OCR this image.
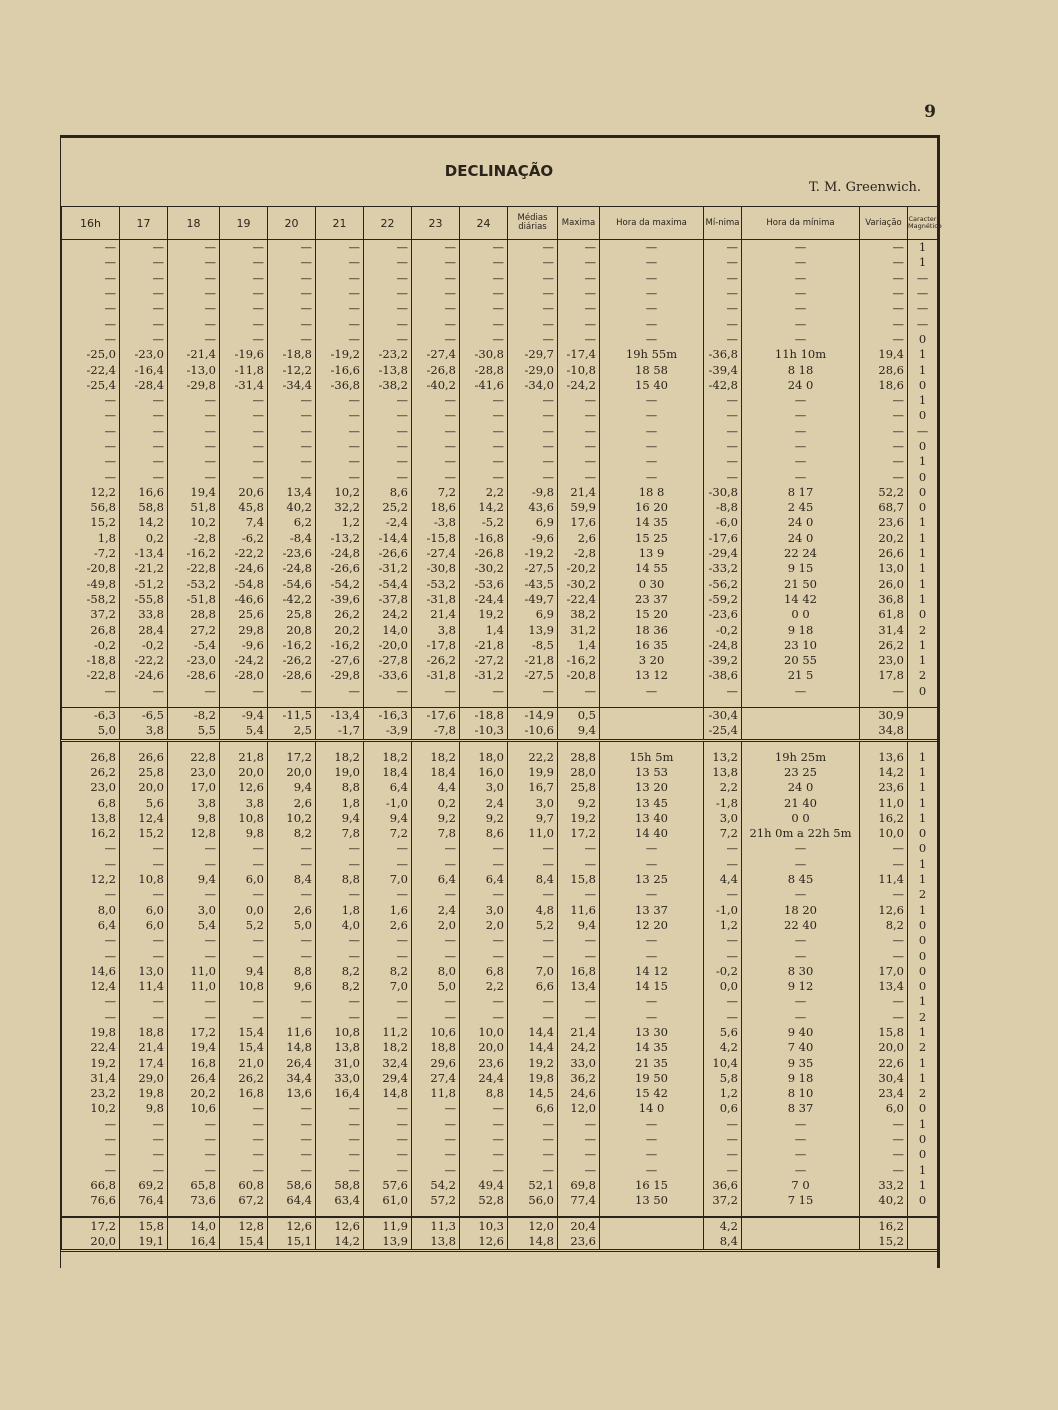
9
DECLINAÇÃO
T. M. Greenwich.
16h	17	18	19	20	21	22	23	24	Médias diárias	Maxima	Hora da maxima	Mí-nima	Hora da mínima	Variação	Caracter Magnético
—	—	—	—	—	—	—	—	—	—	—	—	—	—	—	1
—	—	—	—	—	—	—	—	—	—	—	—	—	—	—	1
—	—	—	—	—	—	—	—	—	—	—	—	—	—	—	—
—	—	—	—	—	—	—	—	—	—	—	—	—	—	—	—
—	—	—	—	—	—	—	—	—	—	—	—	—	—	—	—
—	—	—	—	—	—	—	—	—	—	—	—	—	—	—	—
—	—	—	—	—	—	—	—	—	—	—	—	—	—	—	0
-25,0	-23,0	-21,4	-19,6	-18,8	-19,2	-23,2	-27,4	-30,8	-29,7	-17,4	19h 55m	-36,8	11h 10m	19,4	1
-22,4	-16,4	-13,0	-11,8	-12,2	-16,6	-13,8	-26,8	-28,8	-29,0	-10,8	18 58	-39,4	8 18	28,6	1
-25,4	-28,4	-29,8	-31,4	-34,4	-36,8	-38,2	-40,2	-41,6	-34,0	-24,2	15 40	-42,8	24 0	18,6	0
—	—	—	—	—	—	—	—	—	—	—	—	—	—	—	1
—	—	—	—	—	—	—	—	—	—	—	—	—	—	—	0
—	—	—	—	—	—	—	—	—	—	—	—	—	—	—	—
—	—	—	—	—	—	—	—	—	—	—	—	—	—	—	0
—	—	—	—	—	—	—	—	—	—	—	—	—	—	—	1
—	—	—	—	—	—	—	—	—	—	—	—	—	—	—	0
12,2	16,6	19,4	20,6	13,4	10,2	8,6	7,2	2,2	-9,8	21,4	18 8	-30,8	8 17	52,2	0
56,8	58,8	51,8	45,8	40,2	32,2	25,2	18,6	14,2	43,6	59,9	16 20	-8,8	2 45	68,7	0
15,2	14,2	10,2	7,4	6,2	1,2	-2,4	-3,8	-5,2	6,9	17,6	14 35	-6,0	24 0	23,6	1
1,8	0,2	-2,8	-6,2	-8,4	-13,2	-14,4	-15,8	-16,8	-9,6	2,6	15 25	-17,6	24 0	20,2	1
-7,2	-13,4	-16,2	-22,2	-23,6	-24,8	-26,6	-27,4	-26,8	-19,2	-2,8	13 9	-29,4	22 24	26,6	1
-20,8	-21,2	-22,8	-24,6	-24,8	-26,6	-31,2	-30,8	-30,2	-27,5	-20,2	14 55	-33,2	9 15	13,0	1
-49,8	-51,2	-53,2	-54,8	-54,6	-54,2	-54,4	-53,2	-53,6	-43,5	-30,2	0 30	-56,2	21 50	26,0	1
-58,2	-55,8	-51,8	-46,6	-42,2	-39,6	-37,8	-31,8	-24,4	-49,7	-22,4	23 37	-59,2	14 42	36,8	1
37,2	33,8	28,8	25,6	25,8	26,2	24,2	21,4	19,2	6,9	38,2	15 20	-23,6	0 0	61,8	0
26,8	28,4	27,2	29,8	20,8	20,2	14,0	3,8	1,4	13,9	31,2	18 36	-0,2	9 18	31,4	2
-0,2	-0,2	-5,4	-9,6	-16,2	-16,2	-20,0	-17,8	-21,8	-8,5	1,4	16 35	-24,8	23 10	26,2	1
-18,8	-22,2	-23,0	-24,2	-26,2	-27,6	-27,8	-26,2	-27,2	-21,8	-16,2	3 20	-39,2	20 55	23,0	1
-22,8	-24,6	-28,6	-28,0	-28,6	-29,8	-33,6	-31,8	-31,2	-27,5	-20,8	13 12	-38,6	21 5	17,8	2
—	—	—	—	—	—	—	—	—	—	—	—	—	—	—	0

-6,3	-6,5	-8,2	-9,4	-11,5	-13,4	-16,3	-17,6	-18,8	-14,9	0,5		-30,4		30,9	
5,0	3,8	5,5	5,4	2,5	-1,7	-3,9	-7,8	-10,3	-10,6	9,4		-25,4		34,8	

26,8	26,6	22,8	21,8	17,2	18,2	18,2	18,2	18,0	22,2	28,8	15h 5m	13,2	19h 25m	13,6	1
26,2	25,8	23,0	20,0	20,0	19,0	18,4	18,4	16,0	19,9	28,0	13 53	13,8	23 25	14,2	1
23,0	20,0	17,0	12,6	9,4	8,8	6,4	4,4	3,0	16,7	25,8	13 20	2,2	24 0	23,6	1
6,8	5,6	3,8	3,8	2,6	1,8	-1,0	0,2	2,4	3,0	9,2	13 45	-1,8	21 40	11,0	1
13,8	12,4	9,8	10,8	10,2	9,4	9,4	9,2	9,2	9,7	19,2	13 40	3,0	0 0	16,2	1
16,2	15,2	12,8	9,8	8,2	7,8	7,2	7,8	8,6	11,0	17,2	14 40	7,2	21h 0m a 22h 5m	10,0	0
—	—	—	—	—	—	—	—	—	—	—	—	—	—	—	0
—	—	—	—	—	—	—	—	—	—	—	—	—	—	—	1
12,2	10,8	9,4	6,0	8,4	8,8	7,0	6,4	6,4	8,4	15,8	13 25	4,4	8 45	11,4	1
—	—	—	—	—	—	—	—	—	—	—	—	—	—	—	2
8,0	6,0	3,0	0,0	2,6	1,8	1,6	2,4	3,0	4,8	11,6	13 37	-1,0	18 20	12,6	1
6,4	6,0	5,4	5,2	5,0	4,0	2,6	2,0	2,0	5,2	9,4	12 20	1,2	22 40	8,2	0
—	—	—	—	—	—	—	—	—	—	—	—	—	—	—	0
—	—	—	—	—	—	—	—	—	—	—	—	—	—	—	0
14,6	13,0	11,0	9,4	8,8	8,2	8,2	8,0	6,8	7,0	16,8	14 12	-0,2	8 30	17,0	0
12,4	11,4	11,0	10,8	9,6	8,2	7,0	5,0	2,2	6,6	13,4	14 15	0,0	9 12	13,4	0
—	—	—	—	—	—	—	—	—	—	—	—	—	—	—	1
—	—	—	—	—	—	—	—	—	—	—	—	—	—	—	2
19,8	18,8	17,2	15,4	11,6	10,8	11,2	10,6	10,0	14,4	21,4	13 30	5,6	9 40	15,8	1
22,4	21,4	19,4	15,4	14,8	13,8	18,2	18,8	20,0	14,4	24,2	14 35	4,2	7 40	20,0	2
19,2	17,4	16,8	21,0	26,4	31,0	32,4	29,6	23,6	19,2	33,0	21 35	10,4	9 35	22,6	1
31,4	29,0	26,4	26,2	34,4	33,0	29,4	27,4	24,4	19,8	36,2	19 50	5,8	9 18	30,4	1
23,2	19,8	20,2	16,8	13,6	16,4	14,8	11,8	8,8	14,5	24,6	15 42	1,2	8 10	23,4	2
10,2	9,8	10,6	—	—	—	—	—	—	6,6	12,0	14 0	0,6	8 37	6,0	0
—	—	—	—	—	—	—	—	—	—	—	—	—	—	—	1
—	—	—	—	—	—	—	—	—	—	—	—	—	—	—	0
—	—	—	—	—	—	—	—	—	—	—	—	—	—	—	0
—	—	—	—	—	—	—	—	—	—	—	—	—	—	—	1
66,8	69,2	65,8	60,8	58,6	58,8	57,6	54,2	49,4	52,1	69,8	16 15	36,6	7 0	33,2	1
76,6	76,4	73,6	67,2	64,4	63,4	61,0	57,2	52,8	56,0	77,4	13 50	37,2	7 15	40,2	0

17,2	15,8	14,0	12,8	12,6	12,6	11,9	11,3	10,3	12,0	20,4		4,2		16,2	
20,0	19,1	16,4	15,4	15,1	14,2	13,9	13,8	12,6	14,8	23,6		8,4		15,2	
